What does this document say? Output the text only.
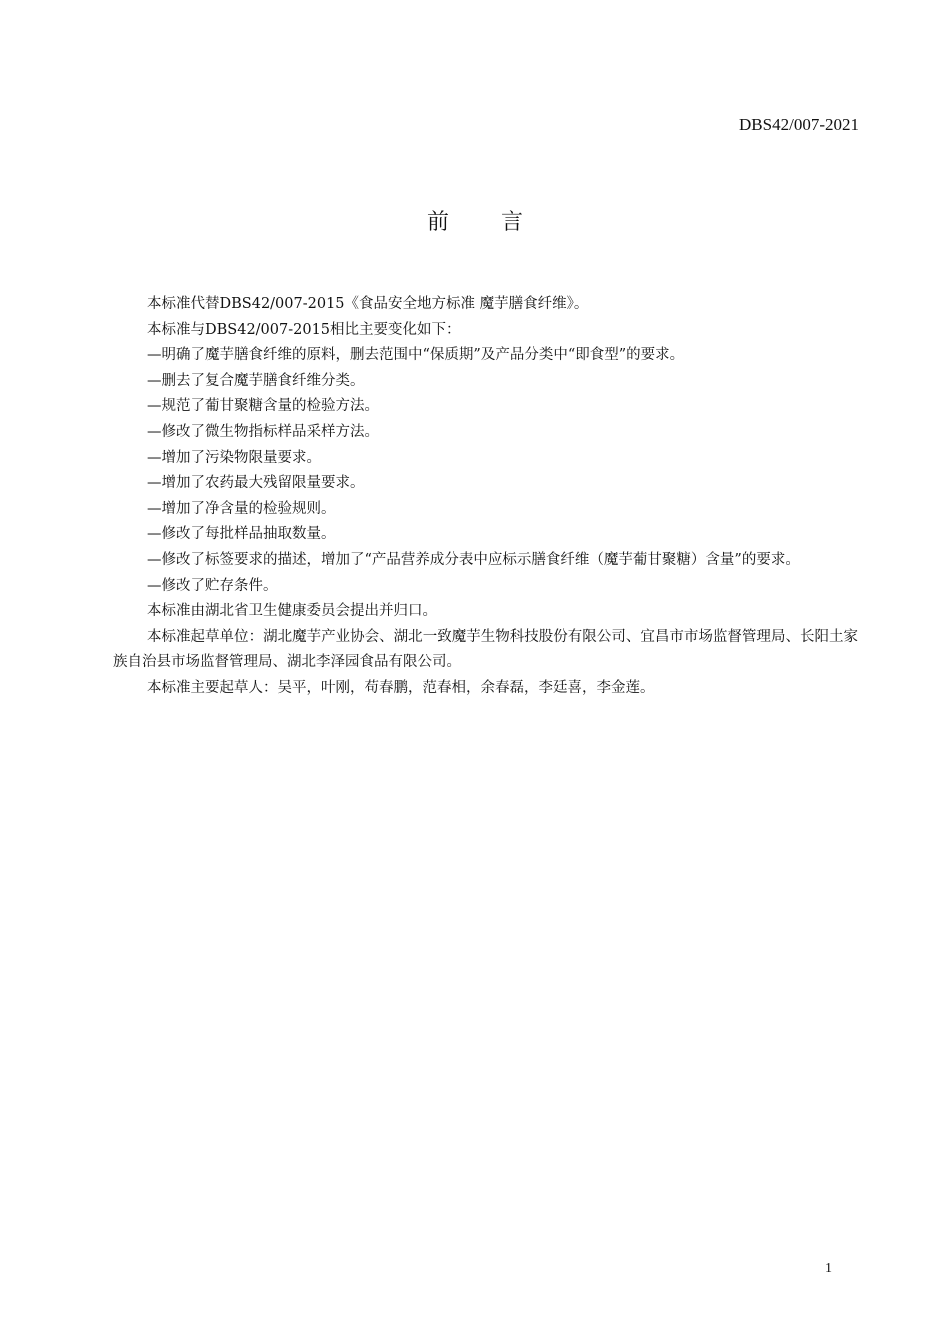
DBS42/007-2021
前言

本标准代替DBS42/007-2015《食品安全地方标准 魔芋膳食纤维》。

本标准与DBS42/007-2015相比主要变化如下：

—明确了魔芋膳食纤维的原料，删去范围中“保质期”及产品分类中“即食型”的要求。

—删去了复合魔芋膳食纤维分类。

—规范了葡甘聚糖含量的检验方法。

—修改了微生物指标样品采样方法。

—增加了污染物限量要求。

—增加了农药最大残留限量要求。

—增加了净含量的检验规则。

—修改了每批样品抽取数量。

—修改了标签要求的描述，增加了“产品营养成分表中应标示膳食纤维（魔芋葡甘聚糖）含量”的要求。

—修改了贮存条件。

本标准由湖北省卫生健康委员会提出并归口。

本标准起草单位：湖北魔芋产业协会、湖北一致魔芋生物科技股份有限公司、宜昌市市场监督管理局、长阳土家族自治县市场监督管理局、湖北李泽园食品有限公司。

本标准主要起草人：吴平，叶刚，苟春鹏，范春相，余春磊，李廷喜，李金莲。

1
